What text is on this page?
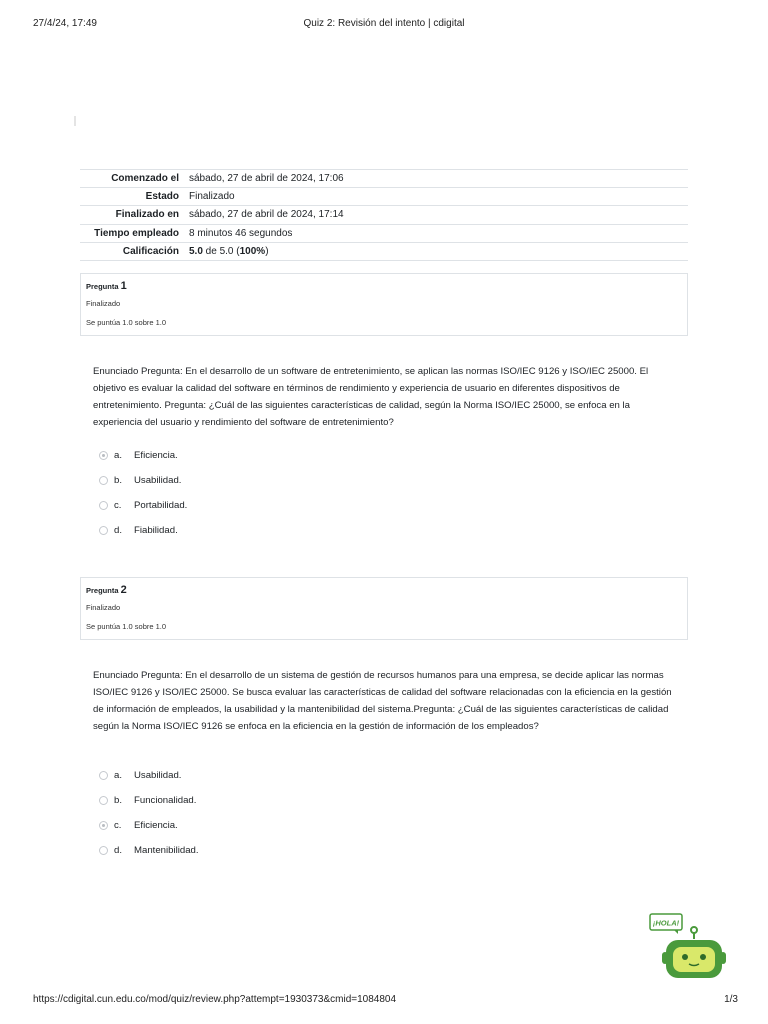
27/4/24, 17:49	Quiz 2: Revisión del intento | cdigital
Comenzado el	sábado, 27 de abril de 2024, 17:06
Estado	Finalizado
Finalizado en	sábado, 27 de abril de 2024, 17:14
Tiempo empleado	8 minutos 46 segundos
Calificación	5.0 de 5.0 (100%)
Pregunta 1
Finalizado
Se puntúa 1.0 sobre 1.0
Enunciado Pregunta: En el desarrollo de un software de entretenimiento, se aplican las normas ISO/IEC 9126 y ISO/IEC 25000. El objetivo es evaluar la calidad del software en términos de rendimiento y experiencia de usuario en diferentes dispositivos de entretenimiento. Pregunta: ¿Cuál de las siguientes características de calidad, según la Norma ISO/IEC 25000, se enfoca en la experiencia del usuario y rendimiento del software de entretenimiento?
a.	Eficiencia.
b.	Usabilidad.
c.	Portabilidad.
d.	Fiabilidad.
Pregunta 2
Finalizado
Se puntúa 1.0 sobre 1.0
Enunciado Pregunta: En el desarrollo de un sistema de gestión de recursos humanos para una empresa, se decide aplicar las normas ISO/IEC 9126 y ISO/IEC 25000. Se busca evaluar las características de calidad del software relacionadas con la eficiencia en la gestión de información de empleados, la usabilidad y la mantenibilidad del sistema.Pregunta: ¿Cuál de las siguientes características de calidad según la Norma ISO/IEC 9126 se enfoca en la eficiencia en la gestión de información de los empleados?
a.	Usabilidad.
b.	Funcionalidad.
c.	Eficiencia.
d.	Mantenibilidad.
¡HOLA!
https://cdigital.cun.edu.co/mod/quiz/review.php?attempt=1930373&cmid=1084804	1/3
